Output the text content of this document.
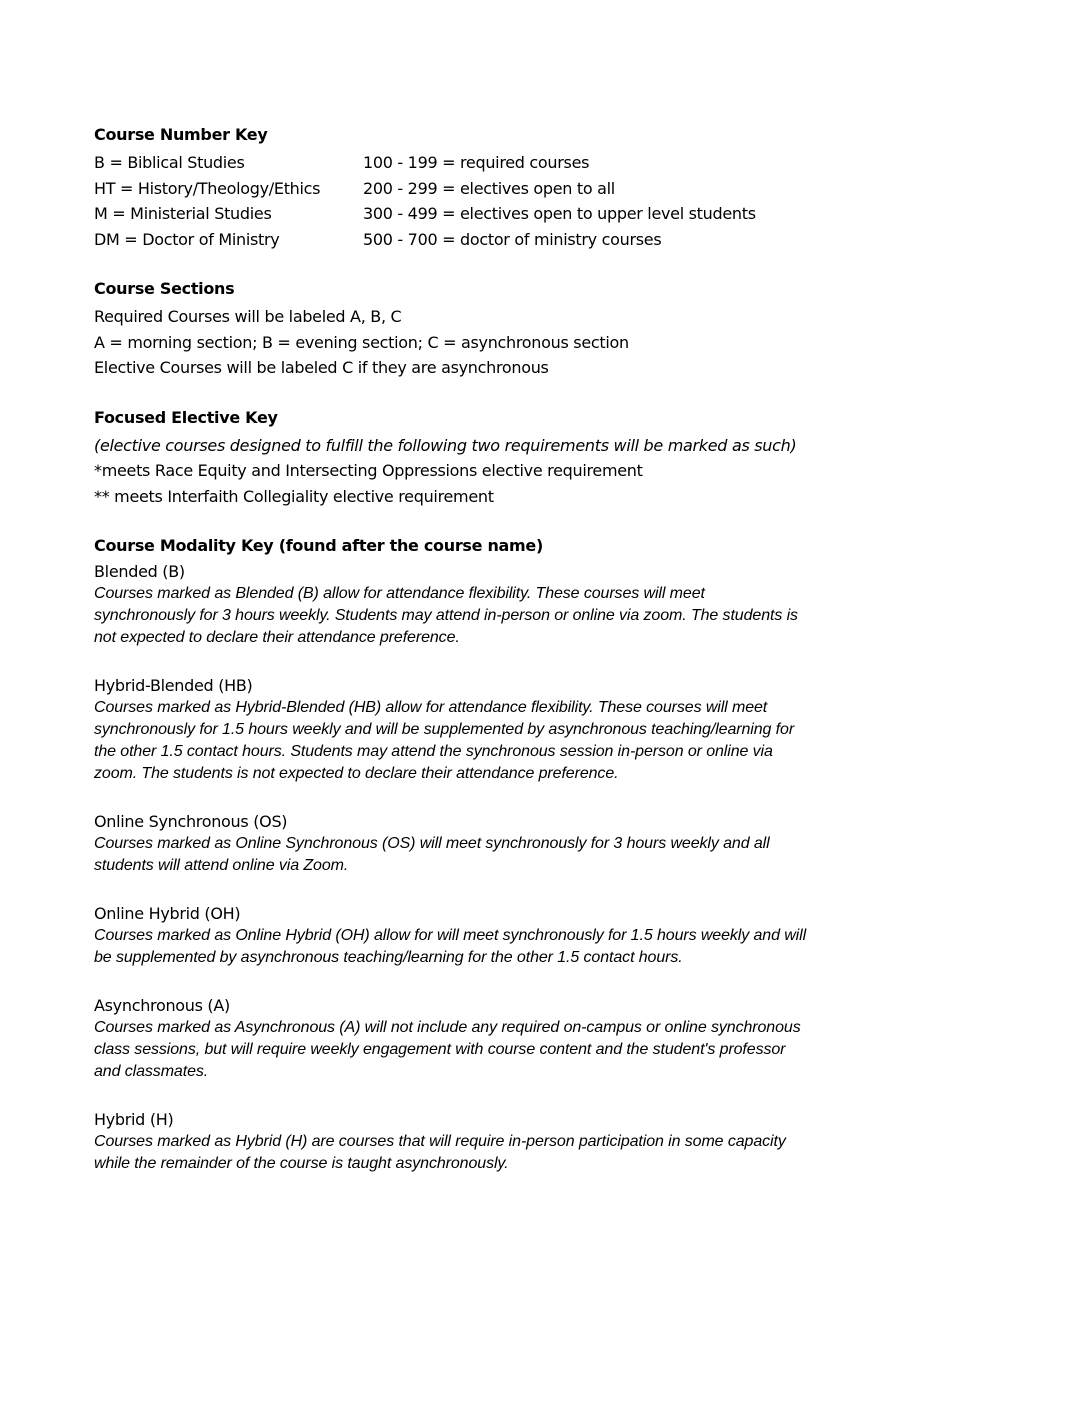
Course Number Key

B = Biblical Studies	100 - 199 = required courses
HT = History/Theology/Ethics	200 - 299 = electives open to all
M = Ministerial Studies	300 - 499 = electives open to upper level students
DM = Doctor of Ministry	500 - 700 = doctor of ministry courses

Course Sections

Required Courses will be labeled A, B, C

A = morning section; B = evening section; C = asynchronous section

Elective Courses will be labeled C if they are asynchronous

Focused Elective Key

(elective courses designed to fulfill the following two requirements will be marked as such)

*meets Race Equity and Intersecting Oppressions elective requirement

** meets Interfaith Collegiality elective requirement

Course Modality Key (found after the course name)

Blended (B)

Courses marked as Blended (B) allow for attendance flexibility. These courses will meet

synchronously for 3 hours weekly. Students may attend in-person or online via zoom. The students is

not expected to declare their attendance preference.

Hybrid-Blended (HB)

Courses marked as Hybrid-Blended (HB) allow for attendance flexibility. These courses will meet

synchronously for 1.5 hours weekly and will be supplemented by asynchronous teaching/learning for

the other 1.5 contact hours. Students may attend the synchronous session in-person or online via

zoom. The students is not expected to declare their attendance preference.

Online Synchronous (OS)

Courses marked as Online Synchronous (OS) will meet synchronously for 3 hours weekly and all

students will attend online via Zoom.

Online Hybrid (OH)

Courses marked as Online Hybrid (OH) allow for will meet synchronously for 1.5 hours weekly and will

be supplemented by asynchronous teaching/learning for the other 1.5 contact hours.

Asynchronous (A)

Courses marked as Asynchronous (A) will not include any required on-campus or online synchronous

class sessions, but will require weekly engagement with course content and the student's professor

and classmates.

Hybrid (H)

Courses marked as Hybrid (H) are courses that will require in-person participation in some capacity

while the remainder of the course is taught asynchronously.
